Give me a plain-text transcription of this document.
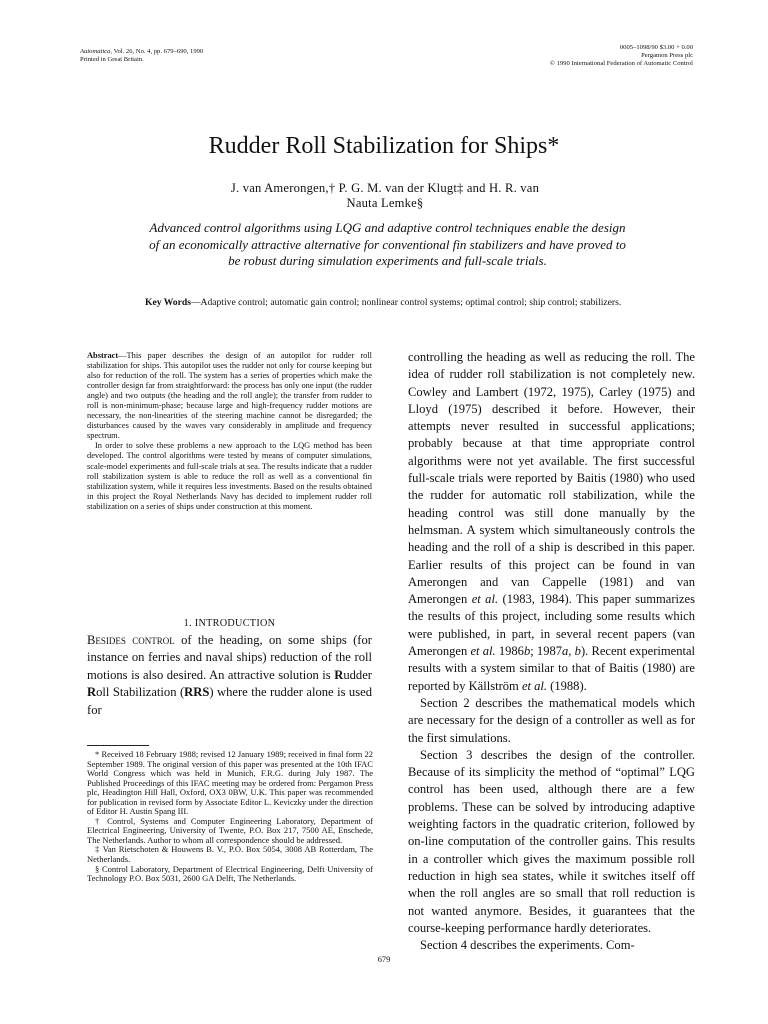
Automatica, Vol. 26, No. 4, pp. 679–690, 1990
Printed in Great Britain.
0005–1098/90 $3.00 + 0.00
Pergamon Press plc
© 1990 International Federation of Automatic Control
Rudder Roll Stabilization for Ships*
J. van Amerongen,† P. G. M. van der Klugt‡ and H. R. van
Nauta Lemke§
Advanced control algorithms using LQG and adaptive control techniques enable the design of an economically attractive alternative for conventional fin stabilizers and have proved to be robust during simulation experiments and full-scale trials.
Key Words—Adaptive control; automatic gain control; nonlinear control systems; optimal control; ship control; stabilizers.

Abstract—This paper describes the design of an autopilot for rudder roll stabilization for ships. This autopilot uses the rudder not only for course keeping but also for reduction of the roll. The system has a series of properties which make the controller design far from straightforward: the process has only one input (the rudder angle) and two outputs (the heading and the roll angle); the transfer from rudder to roll is non-minimum-phase; because large and high-frequency rudder motions are necessary, the non-linearities of the steering machine cannot be disregarded; the disturbances caused by the waves vary considerably in amplitude and frequency spectrum.

In order to solve these problems a new approach to the LQG method has been developed. The control algorithms were tested by means of computer simulations, scale-model experiments and full-scale trials at sea. The results indicate that a rudder roll stabilization system is able to reduce the roll as well as a conventional fin stabilization system, while it requires less investments. Based on the results obtained in this project the Royal Netherlands Navy has decided to implement rudder roll stabilization on a series of ships under construction at this moment.

1. INTRODUCTION

Besides control of the heading, on some ships (for instance on ferries and naval ships) reduction of the roll motions is also desired. An attractive solution is Rudder Roll Stabilization (RRS) where the rudder alone is used for

* Received 18 February 1988; revised 12 January 1989; received in final form 22 September 1989. The original version of this paper was presented at the 10th IFAC World Congress which was held in Munich, F.R.G. during July 1987. The Published Proceedings of this IFAC meeting may be ordered from: Pergamon Press plc, Headington Hill Hall, Oxford, OX3 0BW, U.K. This paper was recommended for publication in revised form by Associate Editor L. Keviczky under the direction of Editor H. Austin Spang III.

† Control, Systems and Computer Engineering Laboratory, Department of Electrical Engineering, University of Twente, P.O. Box 217, 7500 AE, Enschede, The Netherlands. Author to whom all correspondence should be addressed.

‡ Van Rietschoten & Houwens B. V., P.O. Box 5054, 3008 AB Rotterdam, The Netherlands.

§ Control Laboratory, Department of Electrical Engineering, Delft University of Technology P.O. Box 5031, 2600 GA Delft, The Netherlands.

controlling the heading as well as reducing the roll. The idea of rudder roll stabilization is not completely new. Cowley and Lambert (1972, 1975), Carley (1975) and Lloyd (1975) described it before. However, their attempts never resulted in successful applications; probably because at that time appropriate control algorithms were not yet available. The first successful full-scale trials were reported by Baitis (1980) who used the rudder for automatic roll stabilization, while the heading control was still done manually by the helmsman. A system which simultaneously controls the heading and the roll of a ship is described in this paper. Earlier results of this project can be found in van Amerongen and van Cappelle (1981) and van Amerongen et al. (1983, 1984). This paper summarizes the results of this project, including some results which were published, in part, in several recent papers (van Amerongen et al. 1986b; 1987a, b). Recent experimental results with a system similar to that of Baitis (1980) are reported by Källström et al. (1988).

Section 2 describes the mathematical models which are necessary for the design of a controller as well as for the first simulations.

Section 3 describes the design of the controller. Because of its simplicity the method of “optimal” LQG control has been used, although there are a few problems. These can be solved by introducing adaptive weighting factors in the quadratic criterion, followed by on-line computation of the controller gains. This results in a controller which gives the maximum possible roll reduction in high sea states, while it switches itself off when the roll angles are so small that roll reduction is not wanted anymore. Besides, it guarantees that the course-keeping performance hardly deteriorates.

Section 4 describes the experiments. Com-

679
